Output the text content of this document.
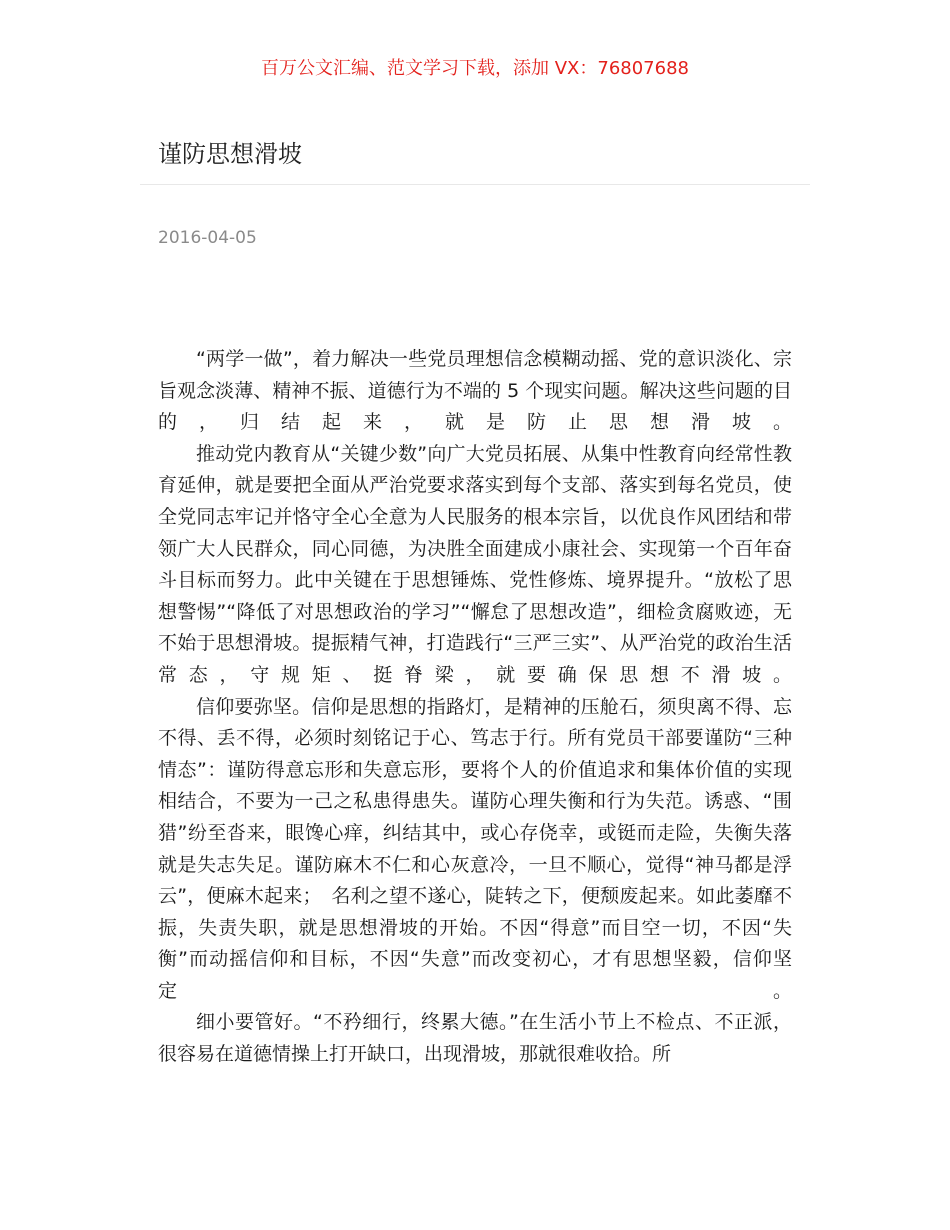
百万公文汇编、范文学习下载，添加 VX：76807688
谨防思想滑坡
2016-04-05

“两学一做”，着力解决一些党员理想信念模糊动摇、党的意识淡化、宗旨观念淡薄、精神不振、道德行为不端的 5 个现实问题。解决这些问题的目的，归结起来，就是防止思想滑坡。

推动党内教育从“关键少数”向广大党员拓展、从集中性教育向经常性教育延伸，就是要把全面从严治党要求落实到每个支部、落实到每名党员，使全党同志牢记并恪守全心全意为人民服务的根本宗旨，以优良作风团结和带领广大人民群众，同心同德，为决胜全面建成小康社会、实现第一个百年奋斗目标而努力。此中关键在于思想锤炼、党性修炼、境界提升。“放松了思想警惕”“降低了对思想政治的学习”“懈怠了思想改造”，细检贪腐败迹，无不始于思想滑坡。提振精气神，打造践行“三严三实”、从严治党的政治生活常态，守规矩、挺脊梁，就要确保思想不滑坡。

信仰要弥坚。信仰是思想的指路灯，是精神的压舱石，须臾离不得、忘不得、丢不得，必须时刻铭记于心、笃志于行。所有党员干部要谨防“三种情态”：谨防得意忘形和失意忘形，要将个人的价值追求和集体价值的实现相结合，不要为一己之私患得患失。谨防心理失衡和行为失范。诱惑、“围猎”纷至沓来，眼馋心痒，纠结其中，或心存侥幸，或铤而走险，失衡失落就是失志失足。谨防麻木不仁和心灰意冷，一旦不顺心，觉得“神马都是浮云”，便麻木起来；　名利之望不遂心，陡转之下，便颓废起来。如此萎靡不振，失责失职，就是思想滑坡的开始。不因“得意”而目空一切，不因“失衡”而动摇信仰和目标，不因“失意”而改变初心，才有思想坚毅，信仰坚定。

细小要管好。“不矜细行，终累大德。”在生活小节上不检点、不正派，很容易在道德情操上打开缺口，出现滑坡，那就很难收拾。所
